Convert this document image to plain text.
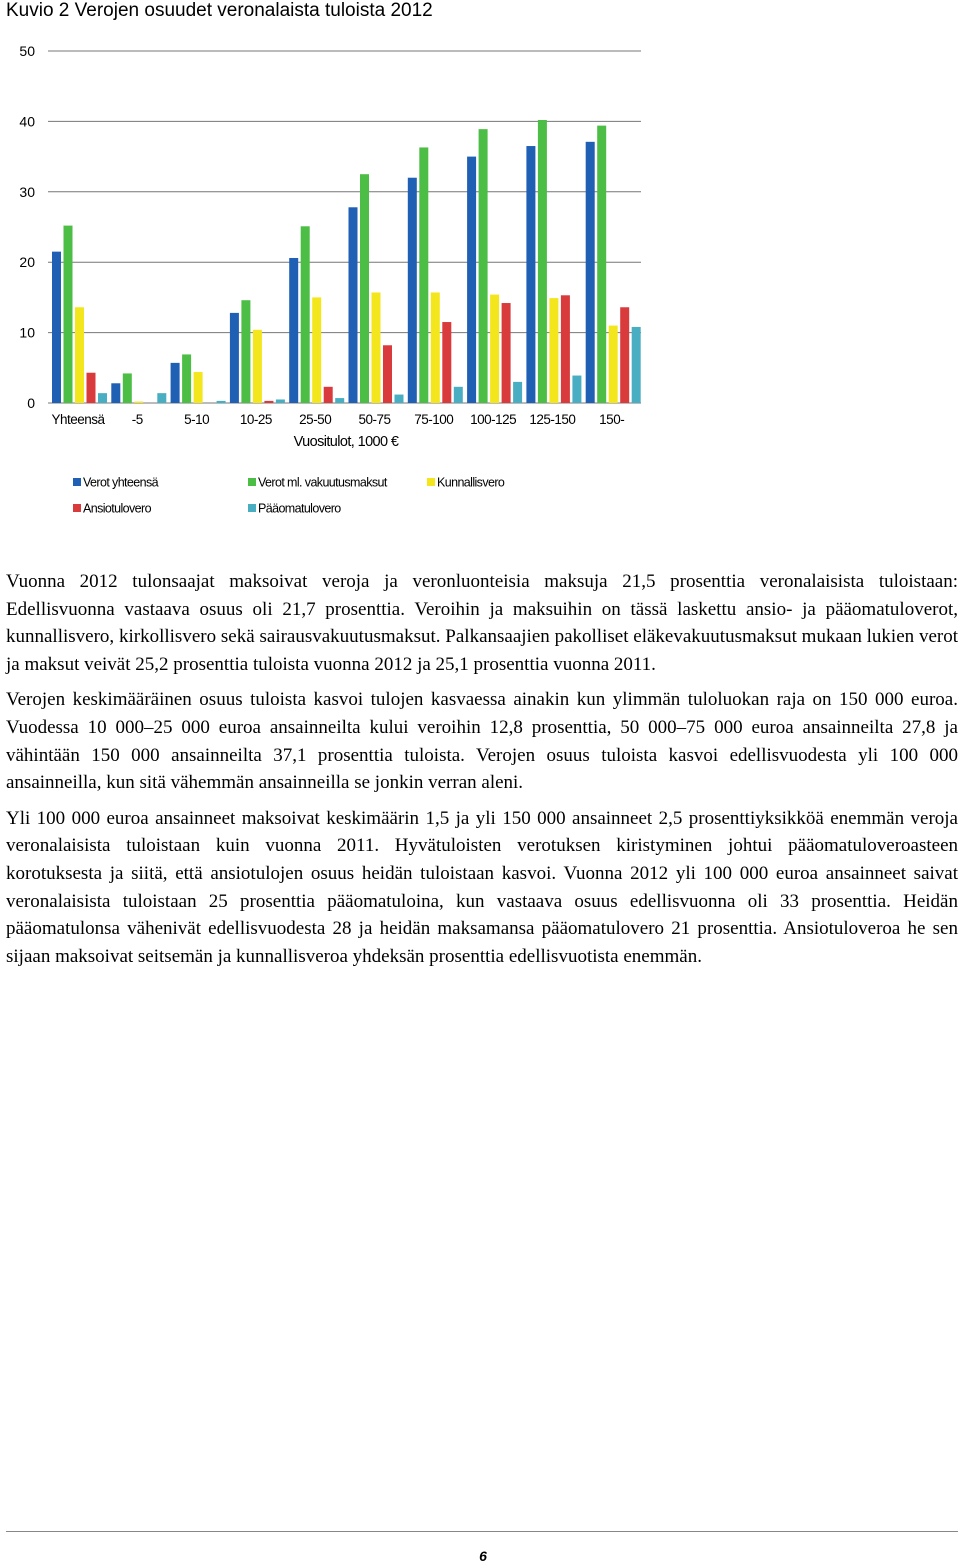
Kuvio 2 Verojen osuudet veronalaista tuloista 2012
0
10
20
30
40
50
Yhteensä -5	5-10 10-25 25-50 50-75 75-100 100-125 125-150 150-
Vuositulot, 1000 €
Verot yhteensä	Verot ml. vakuutusmaksut	Kunnallisvero
Ansiotulovero	Pääomatulovero

Vuonna 2012 tulonsaajat maksoivat veroja ja veronluonteisia maksuja 21,5 prosenttia veronalaisista tuloistaan: Edellisvuonna vastaava osuus oli 21,7 prosenttia. Veroihin ja maksuihin on tässä laskettu ansio- ja pääomatuloverot, kunnallisvero, kirkollisvero sekä sairausvakuutusmaksut. Palkansaajien pakolliset eläkevakuutusmaksut mukaan lukien verot ja maksut veivät 25,2 prosenttia tuloista vuonna 2012 ja 25,1 prosenttia vuonna 2011.

Verojen keskimääräinen osuus tuloista kasvoi tulojen kasvaessa ainakin kun ylimmän tuloluokan raja on 150 000 euroa. Vuodessa 10 000–25 000 euroa ansainneilta kului veroihin 12,8 prosenttia, 50 000–75 000 euroa ansainneilta 27,8 ja vähintään 150 000 ansainneilta 37,1 prosenttia tuloista. Verojen osuus tuloista kasvoi edellisvuodesta yli 100 000 ansainneilla, kun sitä vähemmän ansainneilla se jonkin verran aleni.

Yli 100 000 euroa ansainneet maksoivat keskimäärin 1,5 ja yli 150 000 ansainneet 2,5 prosenttiyksikköä enemmän veroja veronalaisista tuloistaan kuin vuonna 2011. Hyvätuloisten verotuksen kiristyminen johtui pääomatuloveroasteen korotuksesta ja siitä, että ansiotulojen osuus heidän tuloistaan kasvoi. Vuonna 2012 yli 100 000 euroa ansainneet saivat veronalaisista tuloistaan 25 prosenttia pääomatuloina, kun vastaava osuus edellisvuonna oli 33 prosenttia. Heidän pääomatulonsa vähenivät edellisvuodesta 28 ja heidän maksamansa pääomatulovero 21 prosenttia. Ansiotuloveroa he sen sijaan maksoivat seitsemän ja kunnallisveroa yhdeksän prosenttia edellisvuotista enemmän.

6
